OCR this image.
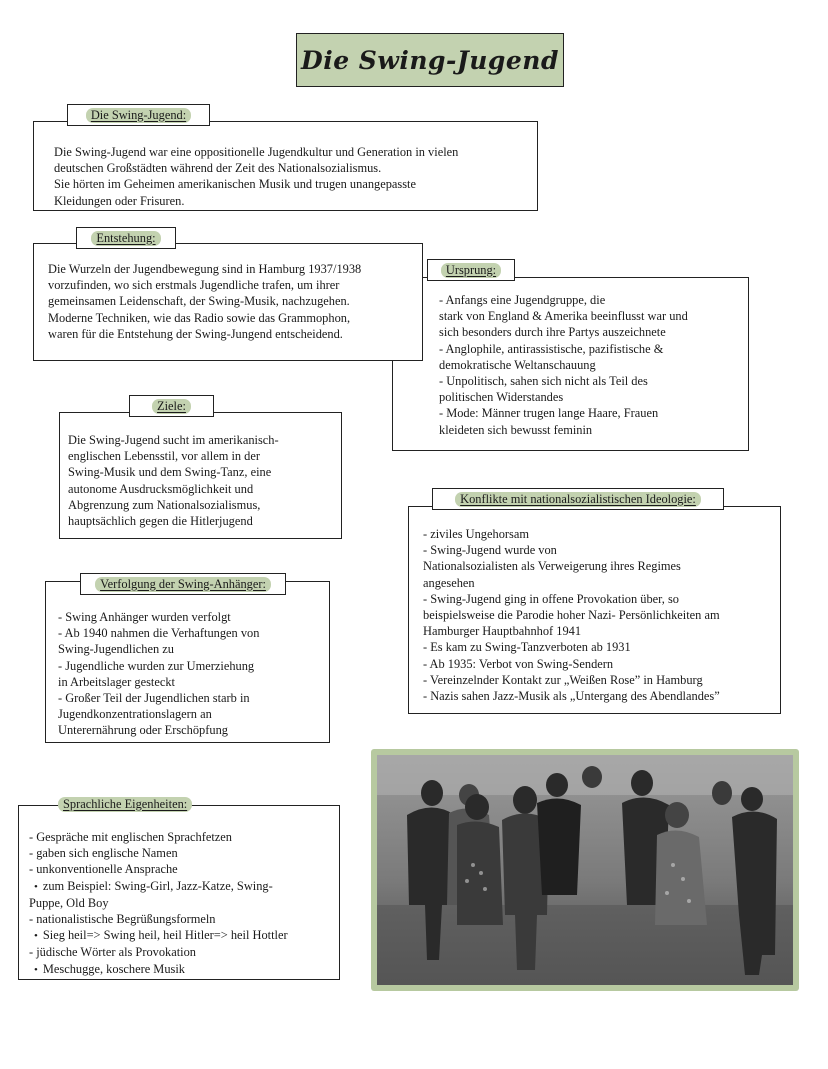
Die Swing-Jugend
Die Swing-Jugend:

Die Swing-Jugend war eine oppositionelle Jugendkultur und Generation in vielen

deutschen Großstädten während der Zeit des Nationalsozialismus.

Sie hörten im Geheimen amerikanischen Musik und trugen unangepasste

Kleidungen oder Frisuren.

Entstehung:

Die Wurzeln der Jugendbewegung sind in Hamburg 1937/1938

vorzufinden, wo sich erstmals Jugendliche trafen, um ihrer

gemeinsamen Leidenschaft, der Swing-Musik, nachzugehen.

Moderne Techniken, wie das Radio sowie das Grammophon,

waren für die Entstehung der Swing-Jungend entscheidend.

Ursprung:

- Anfangs eine Jugendgruppe, die

stark von England & Amerika beeinflusst war und

sich besonders durch ihre Partys auszeichnete

- Anglophile, antirassistische, pazifistische &

demokratische Weltanschauung

- Unpolitisch, sahen sich nicht als Teil des

politischen Widerstandes

- Mode: Männer trugen lange Haare, Frauen

kleideten sich bewusst feminin

Ziele:

Die Swing-Jugend sucht im amerikanisch-

englischen Lebensstil, vor allem in der

Swing-Musik und dem Swing-Tanz, eine

autonome Ausdrucksmöglichkeit und

Abgrenzung zum Nationalsozialismus,

hauptsächlich gegen die Hitlerjugend

Konflikte mit nationalsozialistischen Ideologie:

- ziviles Ungehorsam

- Swing-Jugend wurde von

Nationalsozialisten als Verweigerung ihres Regimes

angesehen

- Swing-Jugend ging in offene Provokation über, so

beispielsweise die Parodie hoher Nazi- Persönlichkeiten am

Hamburger Hauptbahnhof 1941

- Es kam zu Swing-Tanzverboten ab 1931

- Ab 1935: Verbot von Swing-Sendern

- Vereinzelnder Kontakt zur „Weißen Rose” in Hamburg

- Nazis sahen Jazz-Musik als „Untergang des Abendlandes”

Verfolgung der Swing-Anhänger:

- Swing Anhänger wurden verfolgt

- Ab 1940 nahmen die Verhaftungen von

Swing-Jugendlichen zu

- Jugendliche wurden zur Umerziehung

in Arbeitslager gesteckt

- Großer Teil der Jugendlichen starb in

Jugendkonzentrationslagern an

Unterernährung oder Erschöpfung

Sprachliche Eigenheiten:
- Gespräche mit englischen Sprachfetzen
- gaben sich englische Namen
- unkonventionelle Ansprache
• zum Beispiel: Swing-Girl, Jazz-Katze, Swing-
Puppe, Old Boy
- nationalistische Begrüßungsformeln
• Sieg heil=> Swing heil, heil Hitler=> heil Hottler
- jüdische Wörter als Provokation
• Meschugge, koschere Musik
